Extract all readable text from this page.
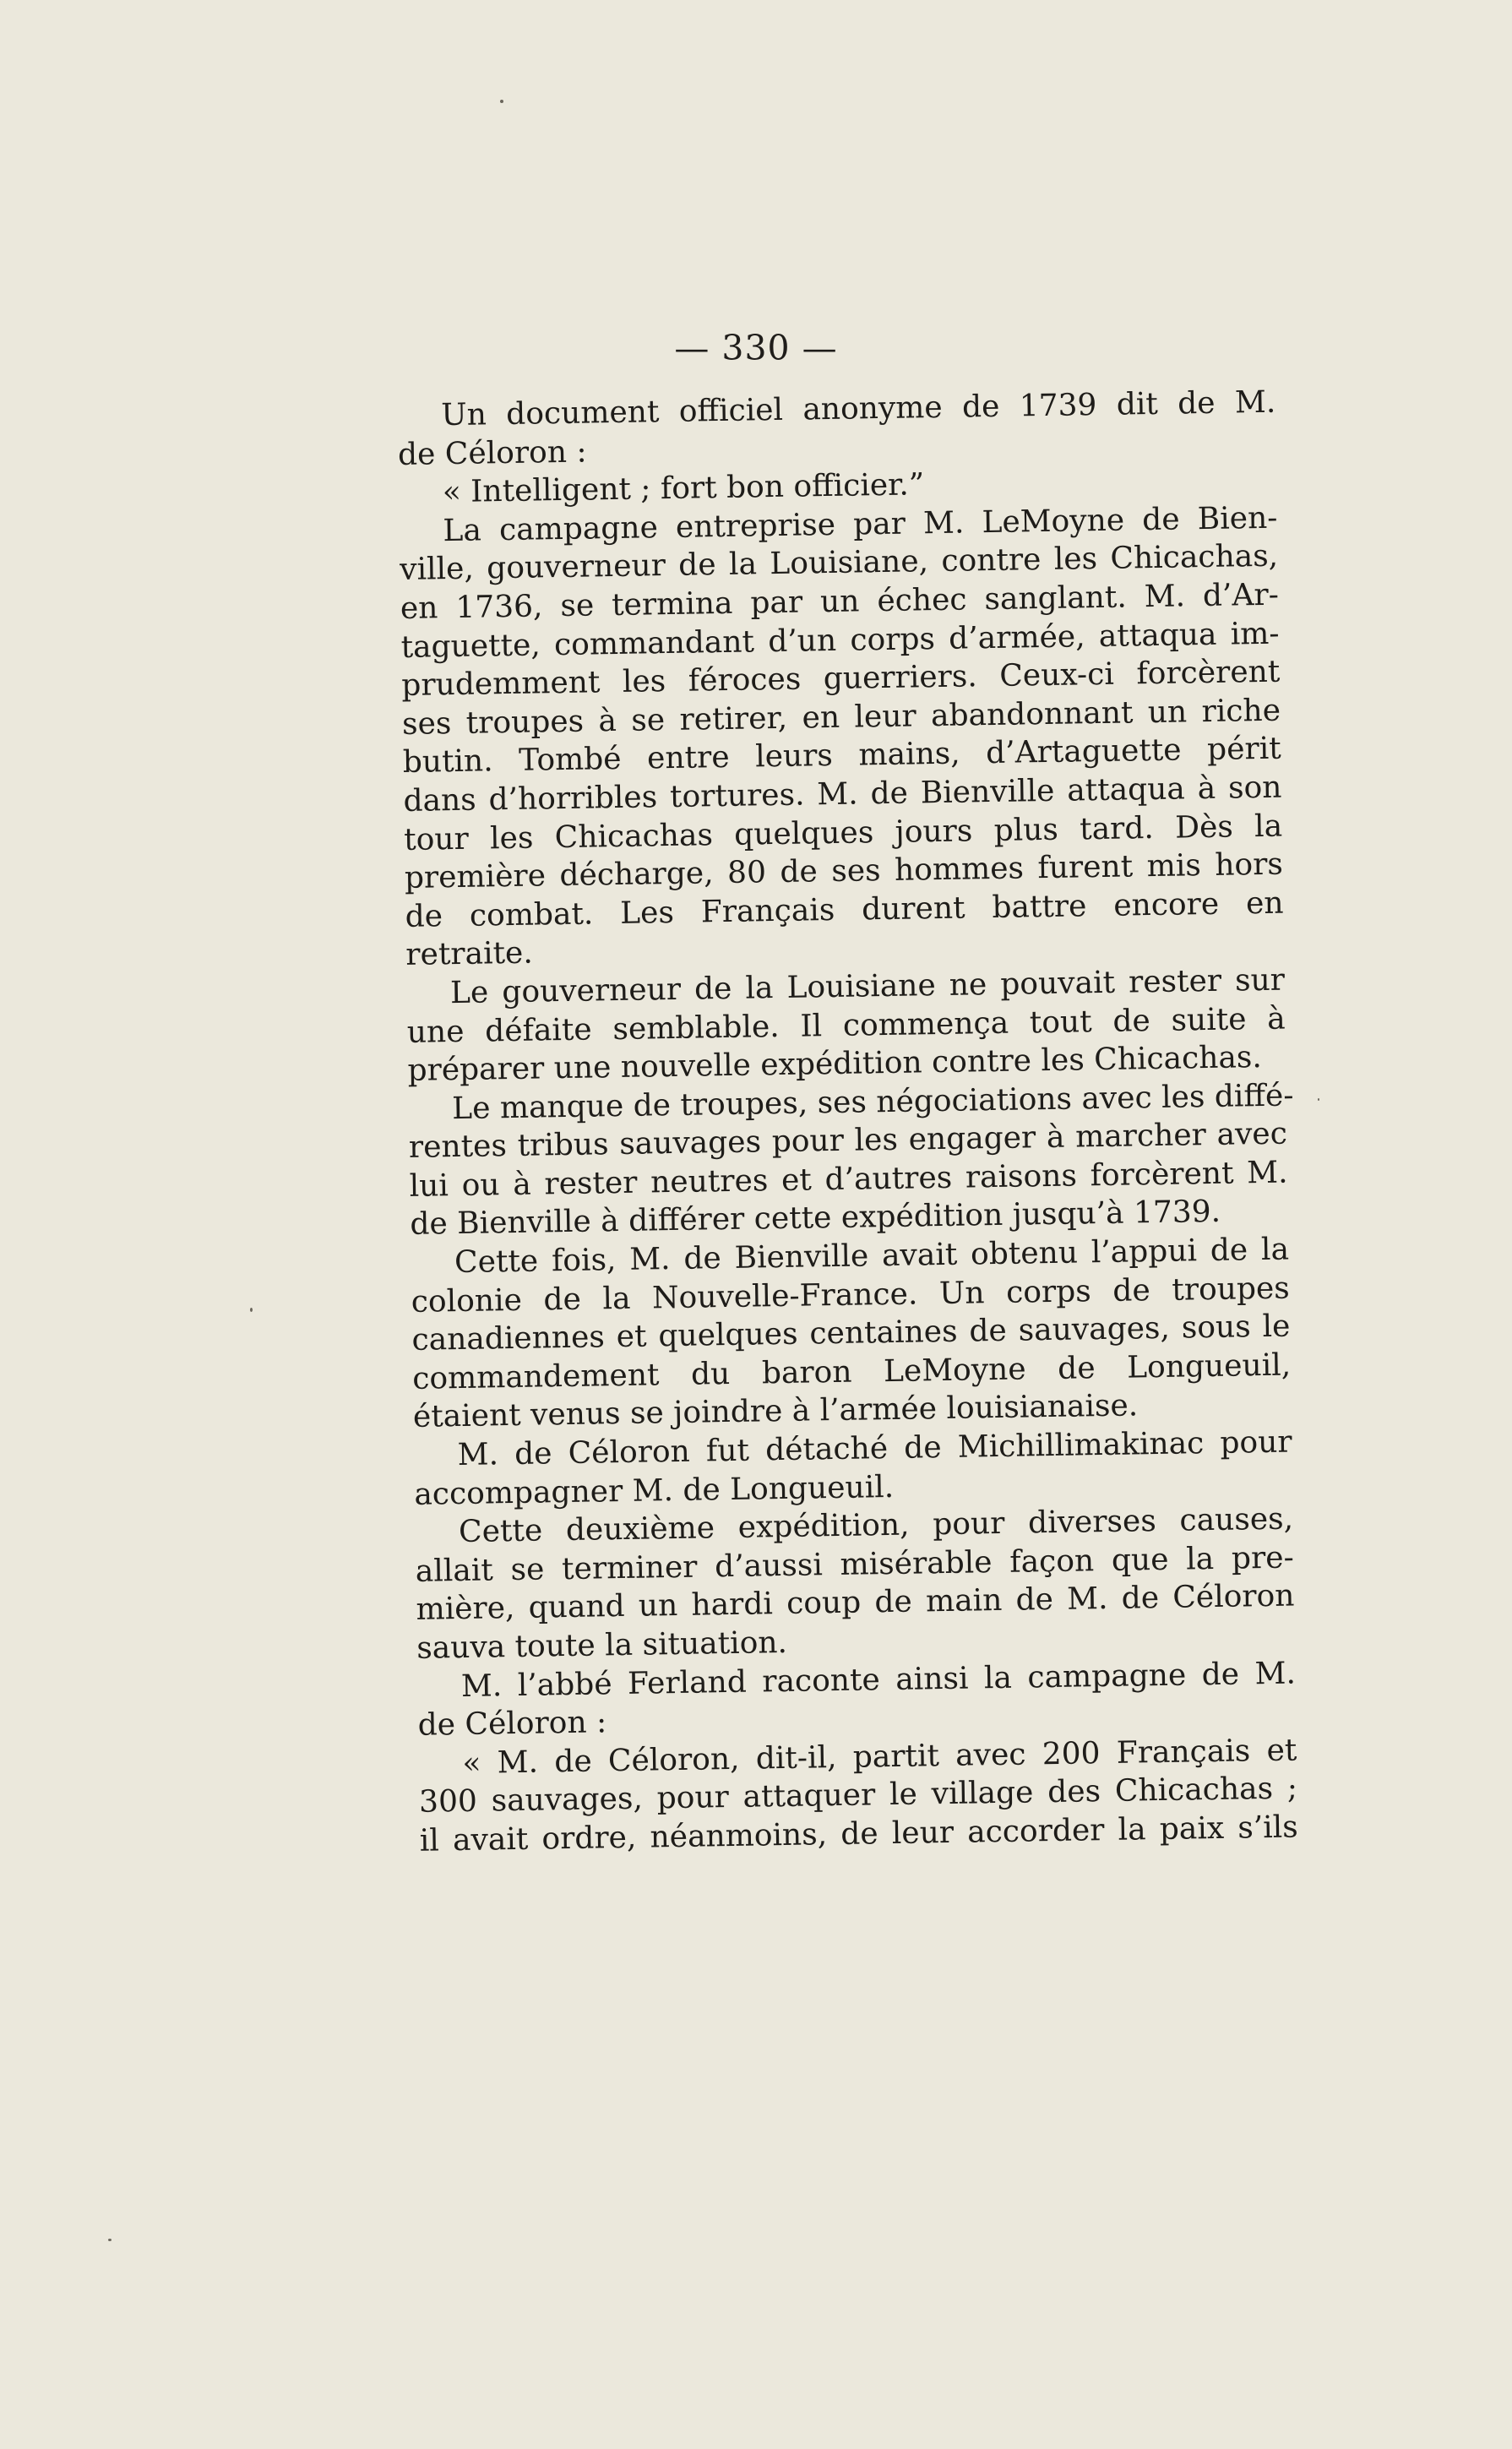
— 330 —
Un document officiel anonyme de 1739 dit de M.
de Céloron :
« Intelligent ; fort bon officier.”
La campagne entreprise par M. LeMoyne de Bien-
ville, gouverneur de la Louisiane, contre les Chicachas,
en 1736, se termina par un échec sanglant. M. d’Ar-
taguette, commandant d’un corps d’armée, attaqua im-
prudemment les féroces guerriers. Ceux-ci forcèrent
ses troupes à se retirer, en leur abandonnant un riche
butin. Tombé entre leurs mains, d’Artaguette périt
dans d’horribles tortures. M. de Bienville attaqua à son
tour les Chicachas quelques jours plus tard. Dès la
première décharge, 80 de ses hommes furent mis hors
de combat. Les Français durent battre encore en
retraite.
Le gouverneur de la Louisiane ne pouvait rester sur
une défaite semblable. Il commença tout de suite à
préparer une nouvelle expédition contre les Chicachas.
Le manque de troupes, ses négociations avec les diffé-
rentes tribus sauvages pour les engager à marcher avec
lui ou à rester neutres et d’autres raisons forcèrent M.
de Bienville à différer cette expédition jusqu’à 1739.
Cette fois, M. de Bienville avait obtenu l’appui de la
colonie de la Nouvelle-France. Un corps de troupes
canadiennes et quelques centaines de sauvages, sous le
commandement du baron LeMoyne de Longueuil,
étaient venus se joindre à l’armée louisianaise.
M. de Céloron fut détaché de Michillimakinac pour
accompagner M. de Longueuil.
Cette deuxième expédition, pour diverses causes,
allait se terminer d’aussi misérable façon que la pre-
mière, quand un hardi coup de main de M. de Céloron
sauva toute la situation.
M. l’abbé Ferland raconte ainsi la campagne de M.
de Céloron :
« M. de Céloron, dit-il, partit avec 200 Français et
300 sauvages, pour attaquer le village des Chicachas ;
il avait ordre, néanmoins, de leur accorder la paix s’ils
